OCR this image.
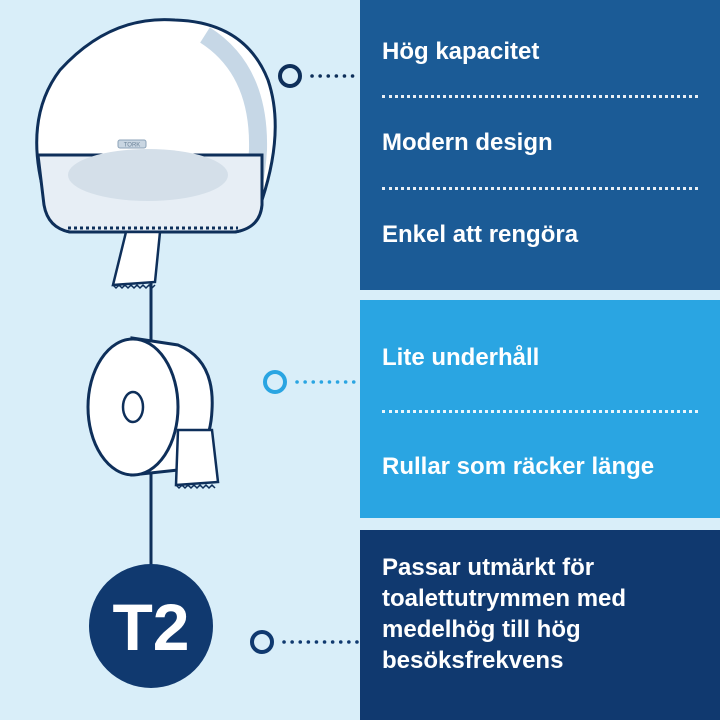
TORK
T2
Hög kapacitet
Modern design
Enkel att rengöra
Lite underhåll
Rullar som räcker länge
Passar utmärkt för toalettutrymmen med medelhög till hög besöksfrekvens
